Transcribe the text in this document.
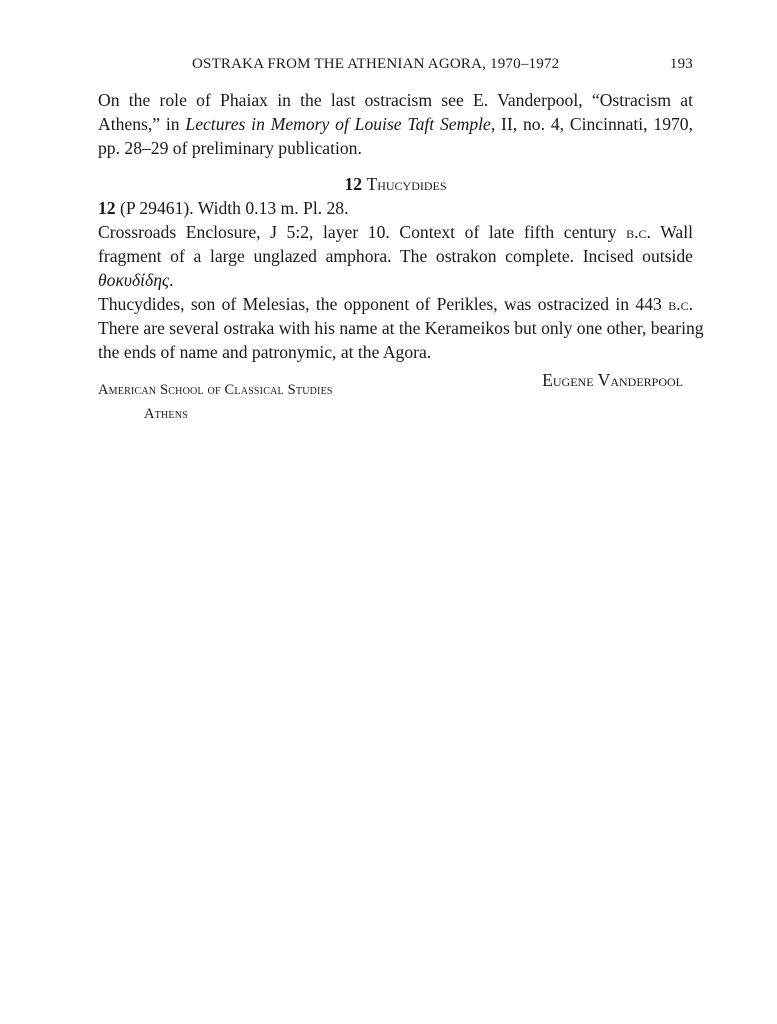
OSTRAKA FROM THE ATHENIAN AGORA, 1970–1972	193
On the role of Phaiax in the last ostracism see E. Vanderpool, “Ostracism at
Athens,” in Lectures in Memory of Louise Taft Semple, II, no. 4, Cincinnati, 1970,
pp. 28–29 of preliminary publication.
12 Thucydides
12 (P 29461). Width 0.13 m. Pl. 28.
Crossroads Enclosure, J 5:2, layer 10. Context of late fifth century b.c. Wall
fragment of a large unglazed amphora. The ostrakon complete. Incised outside
θοκυδίδης.
Thucydides, son of Melesias, the opponent of Perikles, was ostracized in 443 b.c.
There are several ostraka with his name at the Kerameikos but only one other, bearing
the ends of name and patronymic, at the Agora.
Eugene Vanderpool
American School of Classical Studies
Athens
